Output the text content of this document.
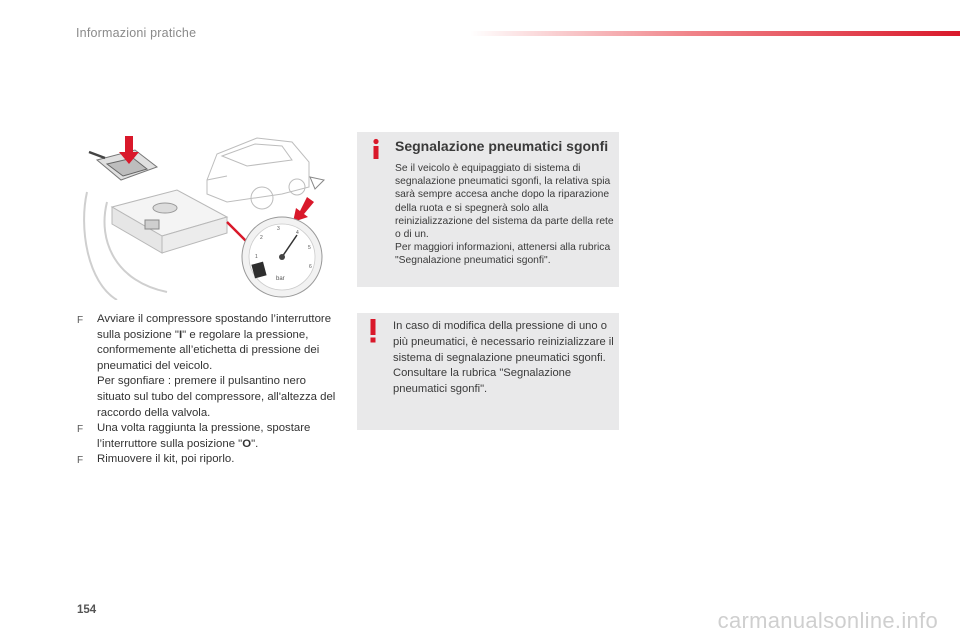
Informazioni pratiche
1
2
3
4
5
6
bar
F	Avviare il compressore spostando l’interruttore sulla posizione "I" e regolare la pressione, conformemente all’etichetta di pressione dei pneumatici del veicolo.
Per sgonfiare : premere il pulsantino nero situato sul tubo del compressore, all'altezza del raccordo della valvola.
F	Una volta raggiunta la pressione, spostare l’interruttore sulla posizione "O".
F	Rimuovere il kit, poi riporlo.
Segnalazione pneumatici sgonfi
Se il veicolo è equipaggiato di sistema di segnalazione pneumatici sgonfi, la relativa spia sarà sempre accesa anche dopo la riparazione della ruota e si spegnerà solo alla reinizializzazione del sistema da parte della rete o di un.
Per maggiori informazioni, attenersi alla rubrica "Segnalazione pneumatici sgonfi".
In caso di modifica della pressione di uno o più pneumatici, è necessario reinizializzare il sistema di segnalazione pneumatici sgonfi.
Consultare la rubrica "Segnalazione pneumatici sgonfi".
154	carmanualsonline.info
